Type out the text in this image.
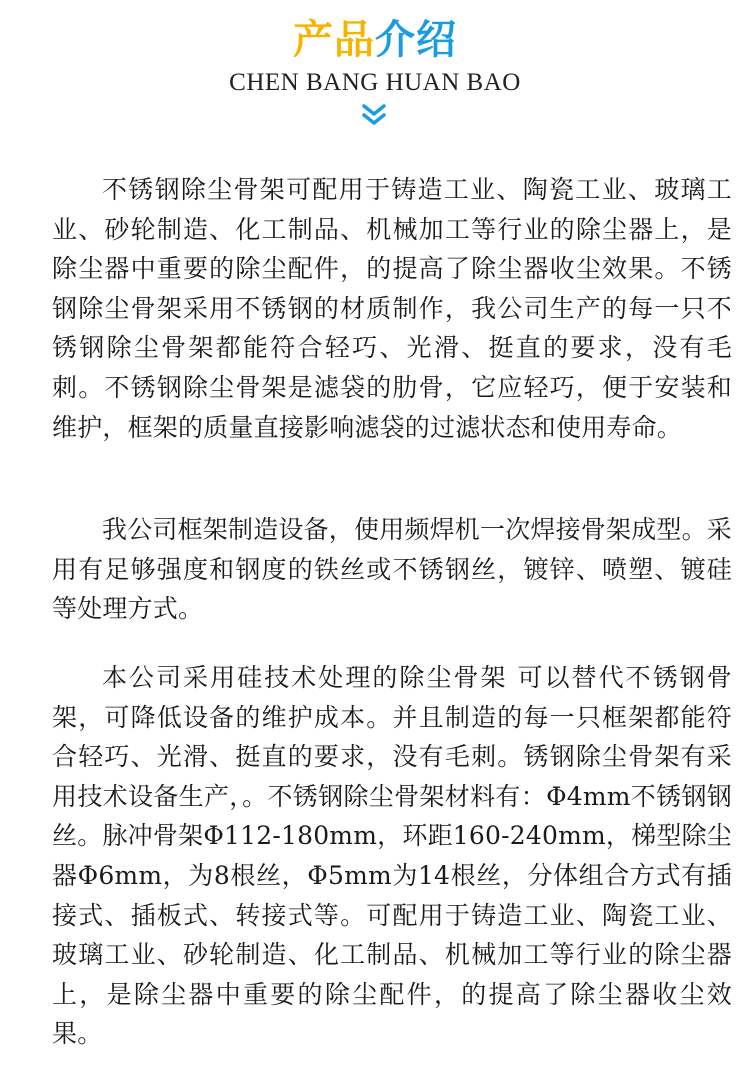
产品介绍
CHEN BANG HUAN BAO

不锈钢除尘骨架可配用于铸造工业、陶瓷工业、玻璃工业、砂轮制造、化工制品、机械加工等行业的除尘器上，是除尘器中重要的除尘配件，的提高了除尘器收尘效果。不锈钢除尘骨架采用不锈钢的材质制作，我公司生产的每一只不锈钢除尘骨架都能符合轻巧、光滑、挺直的要求，没有毛刺。不锈钢除尘骨架是滤袋的肋骨，它应轻巧，便于安装和维护，框架的质量直接影响滤袋的过滤状态和使用寿命。

我公司框架制造设备，使用频焊机一次焊接骨架成型。采用有足够强度和钢度的铁丝或不锈钢丝，镀锌、喷塑、镀硅等处理方式。

本公司采用硅技术处理的除尘骨架 可以替代不锈钢骨架，可降低设备的维护成本。并且制造的每一只框架都能符合轻巧、光滑、挺直的要求，没有毛刺。锈钢除尘骨架有采用技术设备生产，。不锈钢除尘骨架材料有：Φ4mm不锈钢钢丝。脉冲骨架Φ112-180mm，环距160-240mm，梯型除尘器Φ6mm，为8根丝，Φ5mm为14根丝，分体组合方式有插接式、插板式、转接式等。可配用于铸造工业、陶瓷工业、玻璃工业、砂轮制造、化工制品、机械加工等行业的除尘器上，是除尘器中重要的除尘配件，的提高了除尘器收尘效果。
